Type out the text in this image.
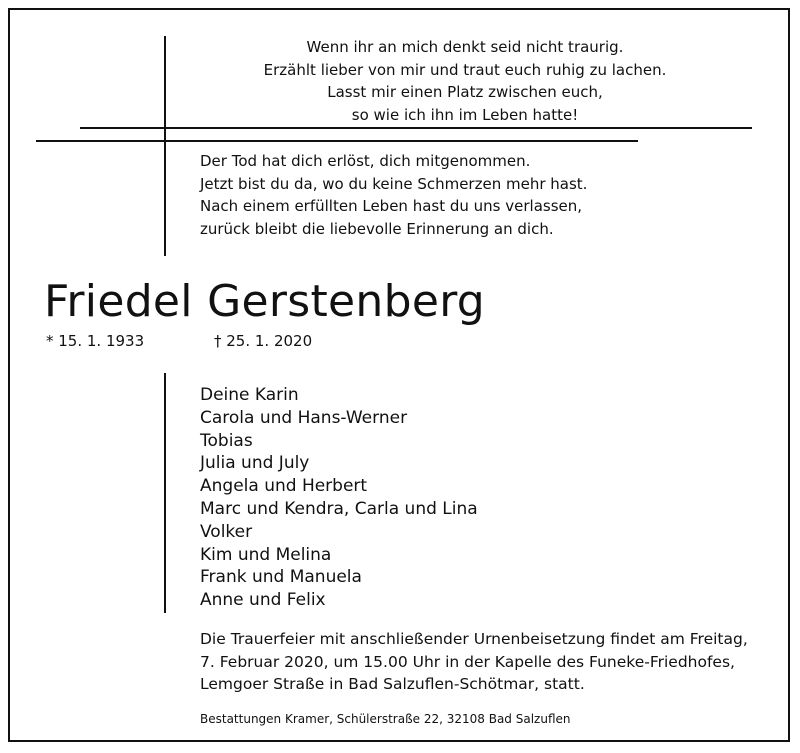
Wenn ihr an mich denkt seid nicht traurig.
Erzählt lieber von mir und traut euch ruhig zu lachen.
Lasst mir einen Platz zwischen euch,
so wie ich ihn im Leben hatte!
Der Tod hat dich erlöst, dich mitgenommen.
Jetzt bist du da, wo du keine Schmerzen mehr hast.
Nach einem erfüllten Leben hast du uns verlassen,
zurück bleibt die liebevolle Erinnerung an dich.
Friedel Gerstenberg
* 15. 1. 1933	† 25. 1. 2020
Deine Karin
Carola und Hans-Werner
Tobias
Julia und July
Angela und Herbert
Marc und Kendra, Carla und Lina
Volker
Kim und Melina
Frank und Manuela
Anne und Felix
Die Trauerfeier mit anschließender Urnenbeisetzung findet am Freitag,
7. Februar 2020, um 15.00 Uhr in der Kapelle des Funeke-Friedhofes,
Lemgoer Straße in Bad Salzuflen-Schötmar, statt.
Bestattungen Kramer, Schülerstraße 22, 32108 Bad Salzuflen
